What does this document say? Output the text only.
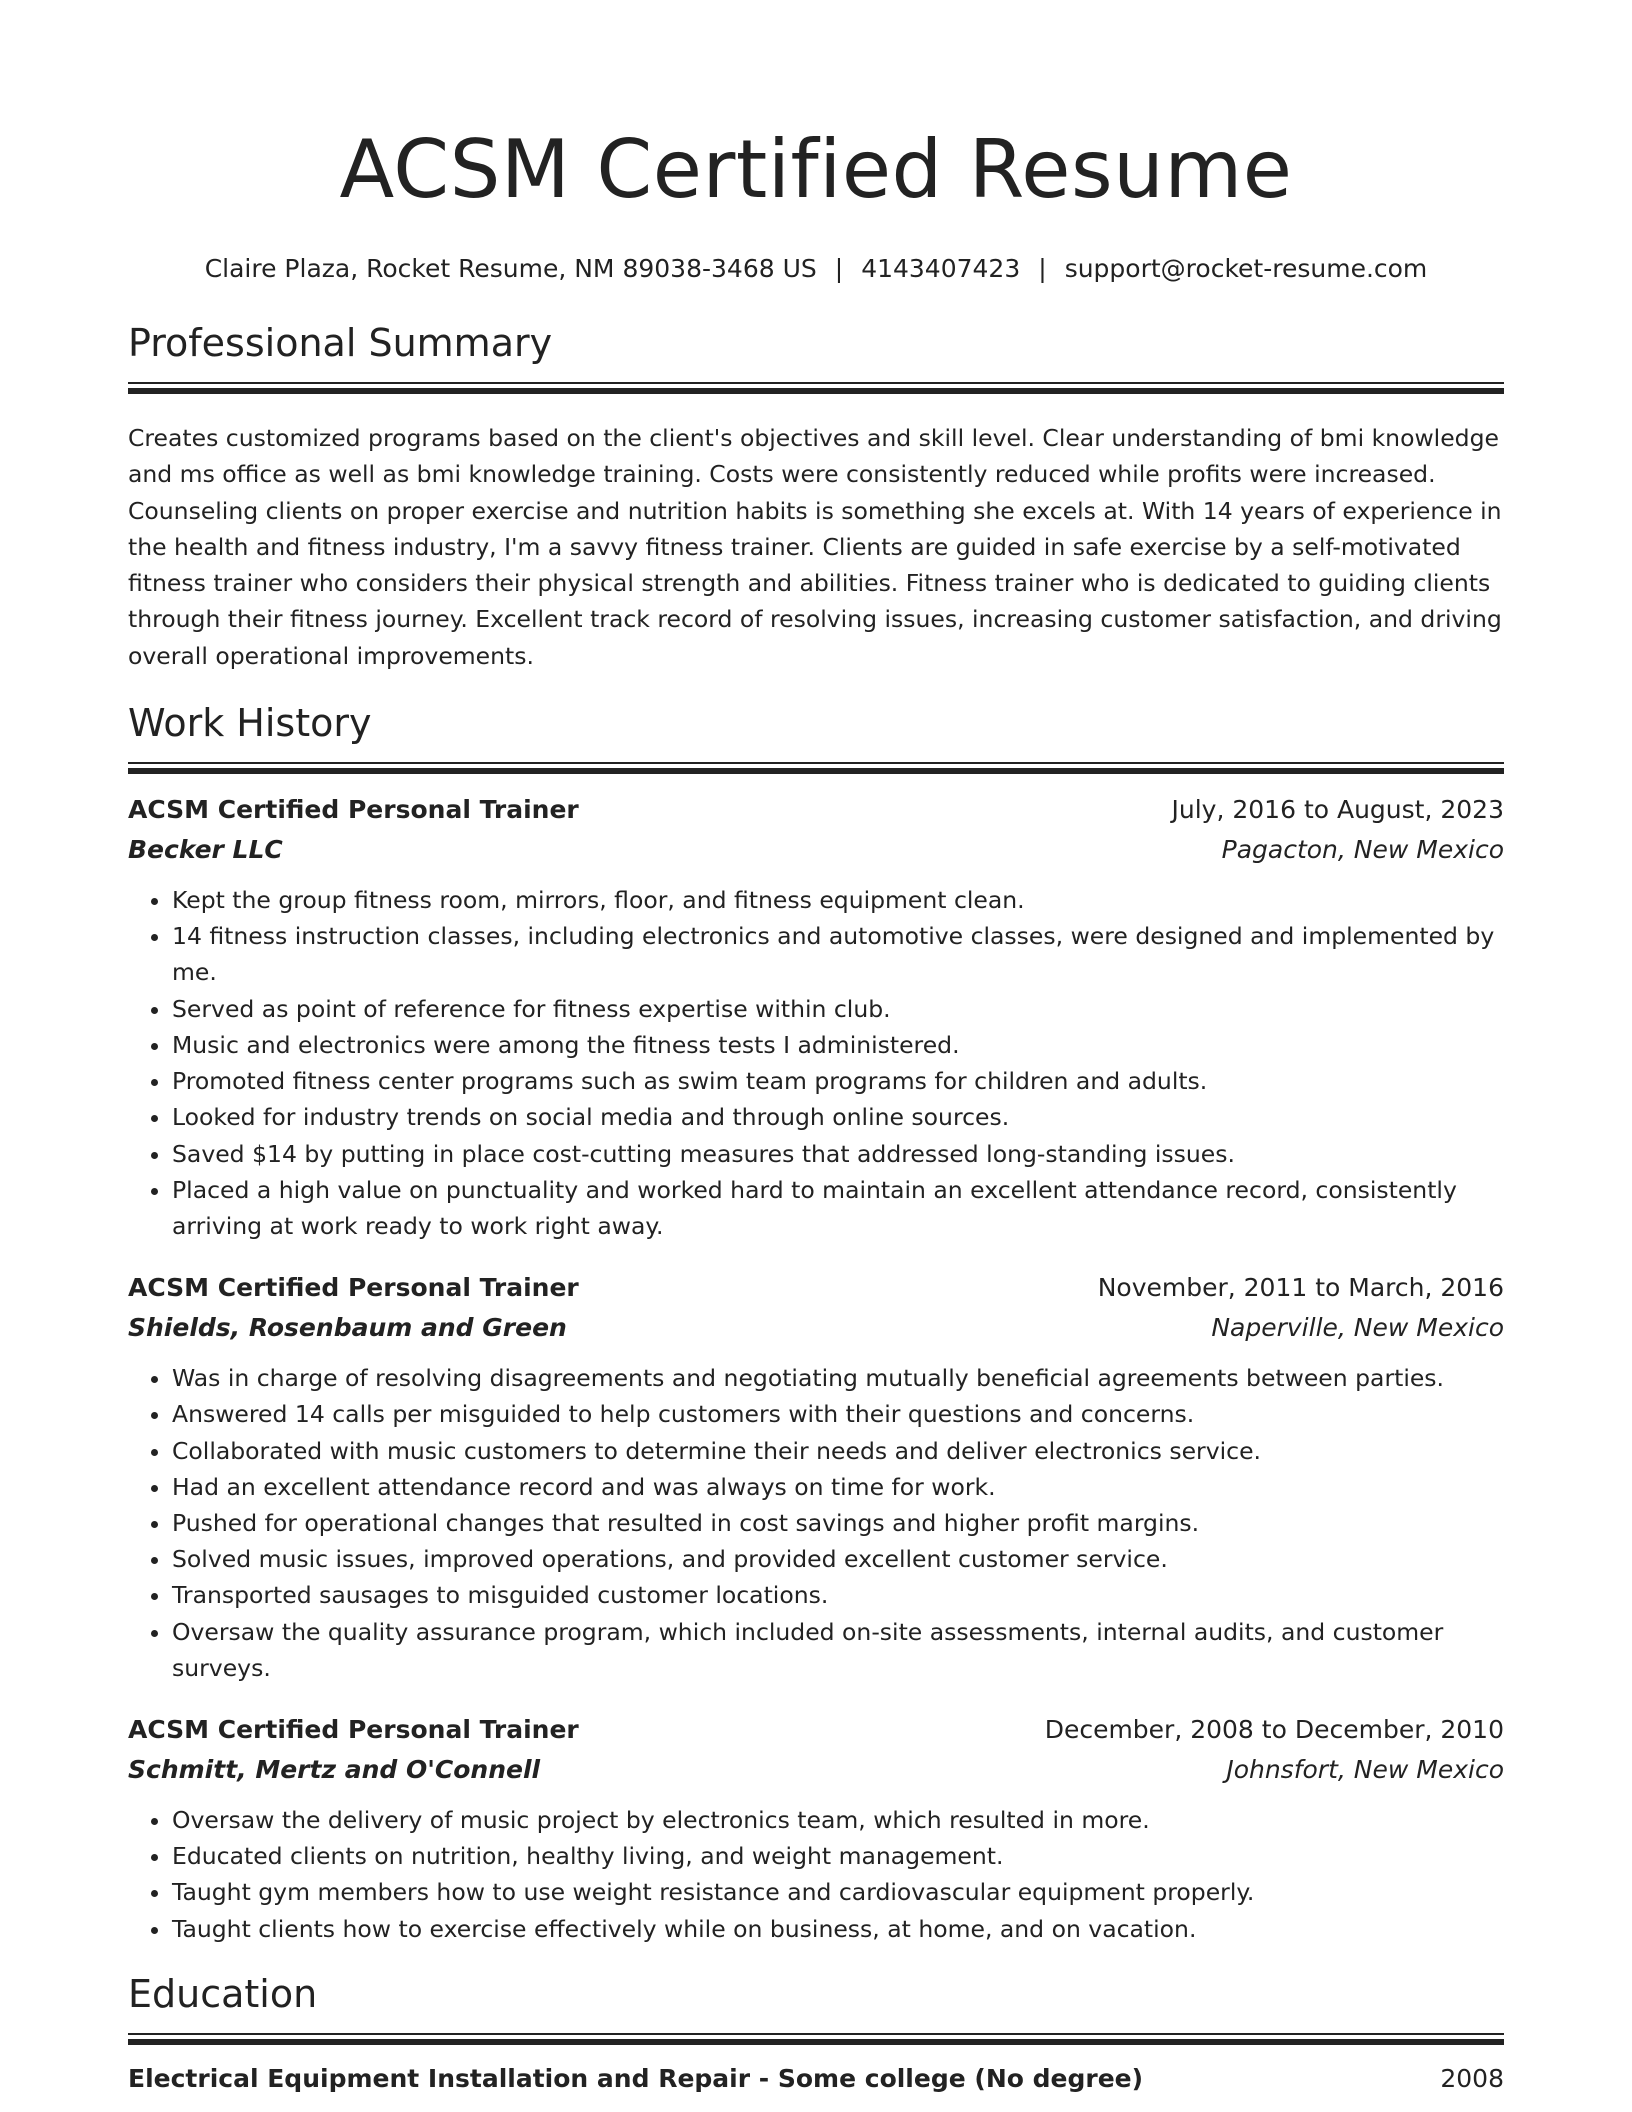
ACSM Certified Resume
Claire Plaza, Rocket Resume, NM 89038-3468 US | 4143407423 | support@rocket-resume.com
Professional Summary

Creates customized programs based on the client's objectives and skill level. Clear understanding of bmi knowledge and ms office as well as bmi knowledge training. Costs were consistently reduced while profits were increased. Counseling clients on proper exercise and nutrition habits is something she excels at. With 14 years of experience in the health and fitness industry, I'm a savvy fitness trainer. Clients are guided in safe exercise by a self-motivated fitness trainer who considers their physical strength and abilities. Fitness trainer who is dedicated to guiding clients through their fitness journey. Excellent track record of resolving issues, increasing customer satisfaction, and driving overall operational improvements.

Work History
ACSM Certified Personal Trainer	July, 2016 to August, 2023
Becker LLC	Pagacton, New Mexico
• Kept the group fitness room, mirrors, floor, and fitness equipment clean.
• 14 fitness instruction classes, including electronics and automotive classes, were designed and implemented by me.
• Served as point of reference for fitness expertise within club.
• Music and electronics were among the fitness tests I administered.
• Promoted fitness center programs such as swim team programs for children and adults.
• Looked for industry trends on social media and through online sources.
• Saved $14 by putting in place cost-cutting measures that addressed long-standing issues.
• Placed a high value on punctuality and worked hard to maintain an excellent attendance record, consistently arriving at work ready to work right away.
ACSM Certified Personal Trainer	November, 2011 to March, 2016
Shields, Rosenbaum and Green	Naperville, New Mexico
• Was in charge of resolving disagreements and negotiating mutually beneficial agreements between parties.
• Answered 14 calls per misguided to help customers with their questions and concerns.
• Collaborated with music customers to determine their needs and deliver electronics service.
• Had an excellent attendance record and was always on time for work.
• Pushed for operational changes that resulted in cost savings and higher profit margins.
• Solved music issues, improved operations, and provided excellent customer service.
• Transported sausages to misguided customer locations.
• Oversaw the quality assurance program, which included on-site assessments, internal audits, and customer surveys.
ACSM Certified Personal Trainer	December, 2008 to December, 2010
Schmitt, Mertz and O'Connell	Johnsfort, New Mexico
• Oversaw the delivery of music project by electronics team, which resulted in more.
• Educated clients on nutrition, healthy living, and weight management.
• Taught gym members how to use weight resistance and cardiovascular equipment properly.
• Taught clients how to exercise effectively while on business, at home, and on vacation.
Education
Electrical Equipment Installation and Repair - Some college (No degree)	2008
